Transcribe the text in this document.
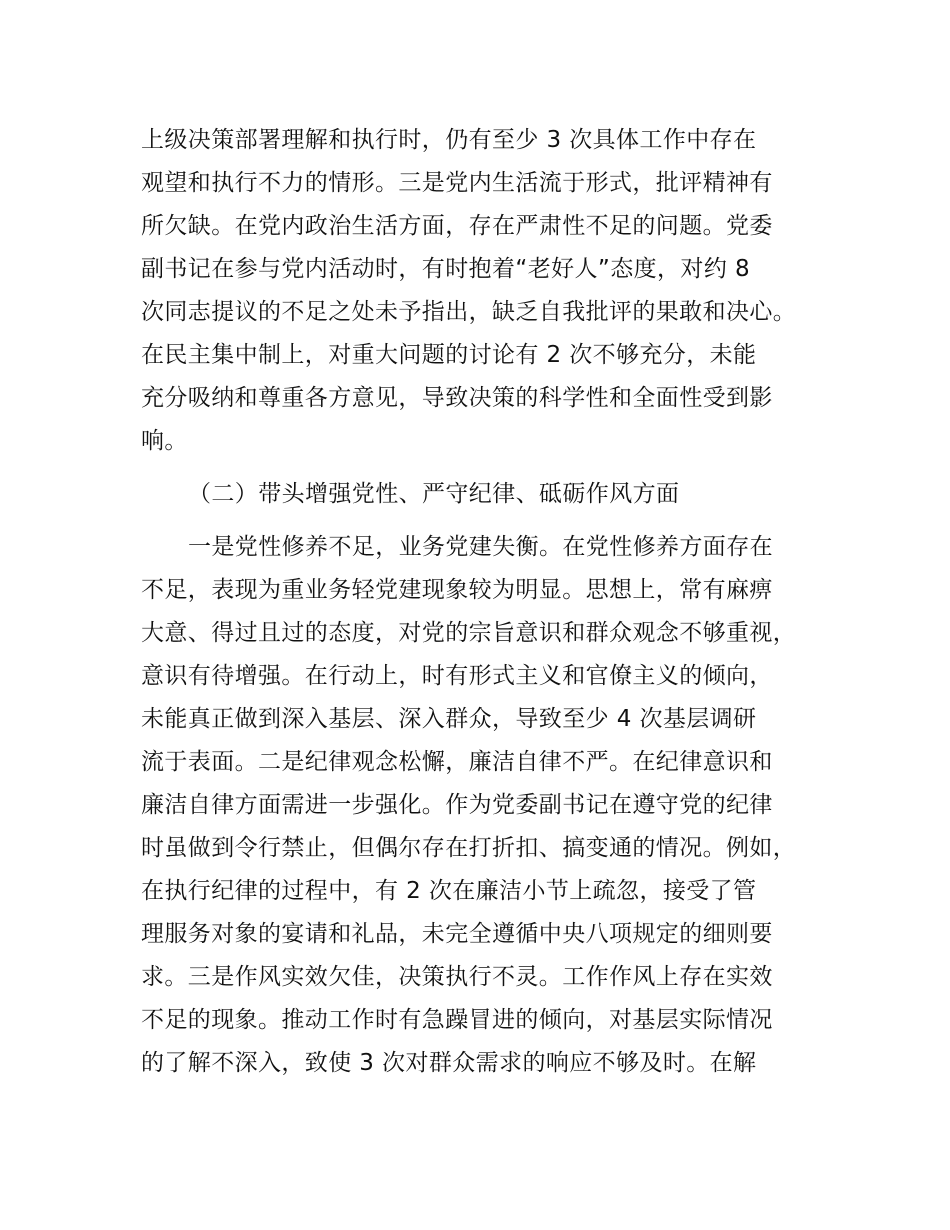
上级决策部署理解和执行时，仍有至少 3 次具体工作中存在
观望和执行不力的情形。三是党内生活流于形式，批评精神有
所欠缺。在党内政治生活方面，存在严肃性不足的问题。党委
副书记在参与党内活动时，有时抱着“老好人”态度，对约 8
次同志提议的不足之处未予指出，缺乏自我批评的果敢和决心。
在民主集中制上，对重大问题的讨论有 2 次不够充分，未能
充分吸纳和尊重各方意见，导致决策的科学性和全面性受到影
响。
（二）带头增强党性、严守纪律、砥砺作风方面
一是党性修养不足，业务党建失衡。在党性修养方面存在
不足，表现为重业务轻党建现象较为明显。思想上，常有麻痹
大意、得过且过的态度，对党的宗旨意识和群众观念不够重视，
意识有待增强。在行动上，时有形式主义和官僚主义的倾向，
未能真正做到深入基层、深入群众，导致至少 4 次基层调研
流于表面。二是纪律观念松懈，廉洁自律不严。在纪律意识和
廉洁自律方面需进一步强化。作为党委副书记在遵守党的纪律
时虽做到令行禁止，但偶尔存在打折扣、搞变通的情况。例如，
在执行纪律的过程中，有 2 次在廉洁小节上疏忽，接受了管
理服务对象的宴请和礼品，未完全遵循中央八项规定的细则要
求。三是作风实效欠佳，决策执行不灵。工作作风上存在实效
不足的现象。推动工作时有急躁冒进的倾向，对基层实际情况
的了解不深入，致使 3 次对群众需求的响应不够及时。在解
